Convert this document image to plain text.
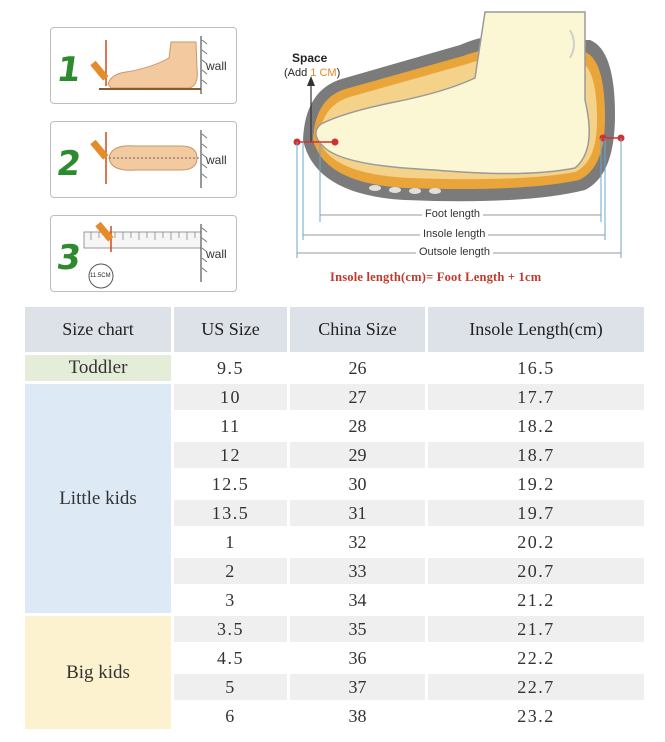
1	wall
2	wall
3	wall
11.5CM
Space
(Add 1 CM)
Foot length
Insole length
Outsole length
Insole length(cm)= Foot Length + 1cm
Size chart	US Size	China Size	Insole Length(cm)
Toddler	9.5	26	16.5
Little kids	10	27	17.7
	11	28	18.2
	12	29	18.7
	12.5	30	19.2
	13.5	31	19.7
	1	32	20.2
	2	33	20.7
	3	34	21.2
Big kids	3.5	35	21.7
	4.5	36	22.2
	5	37	22.7
	6	38	23.2
